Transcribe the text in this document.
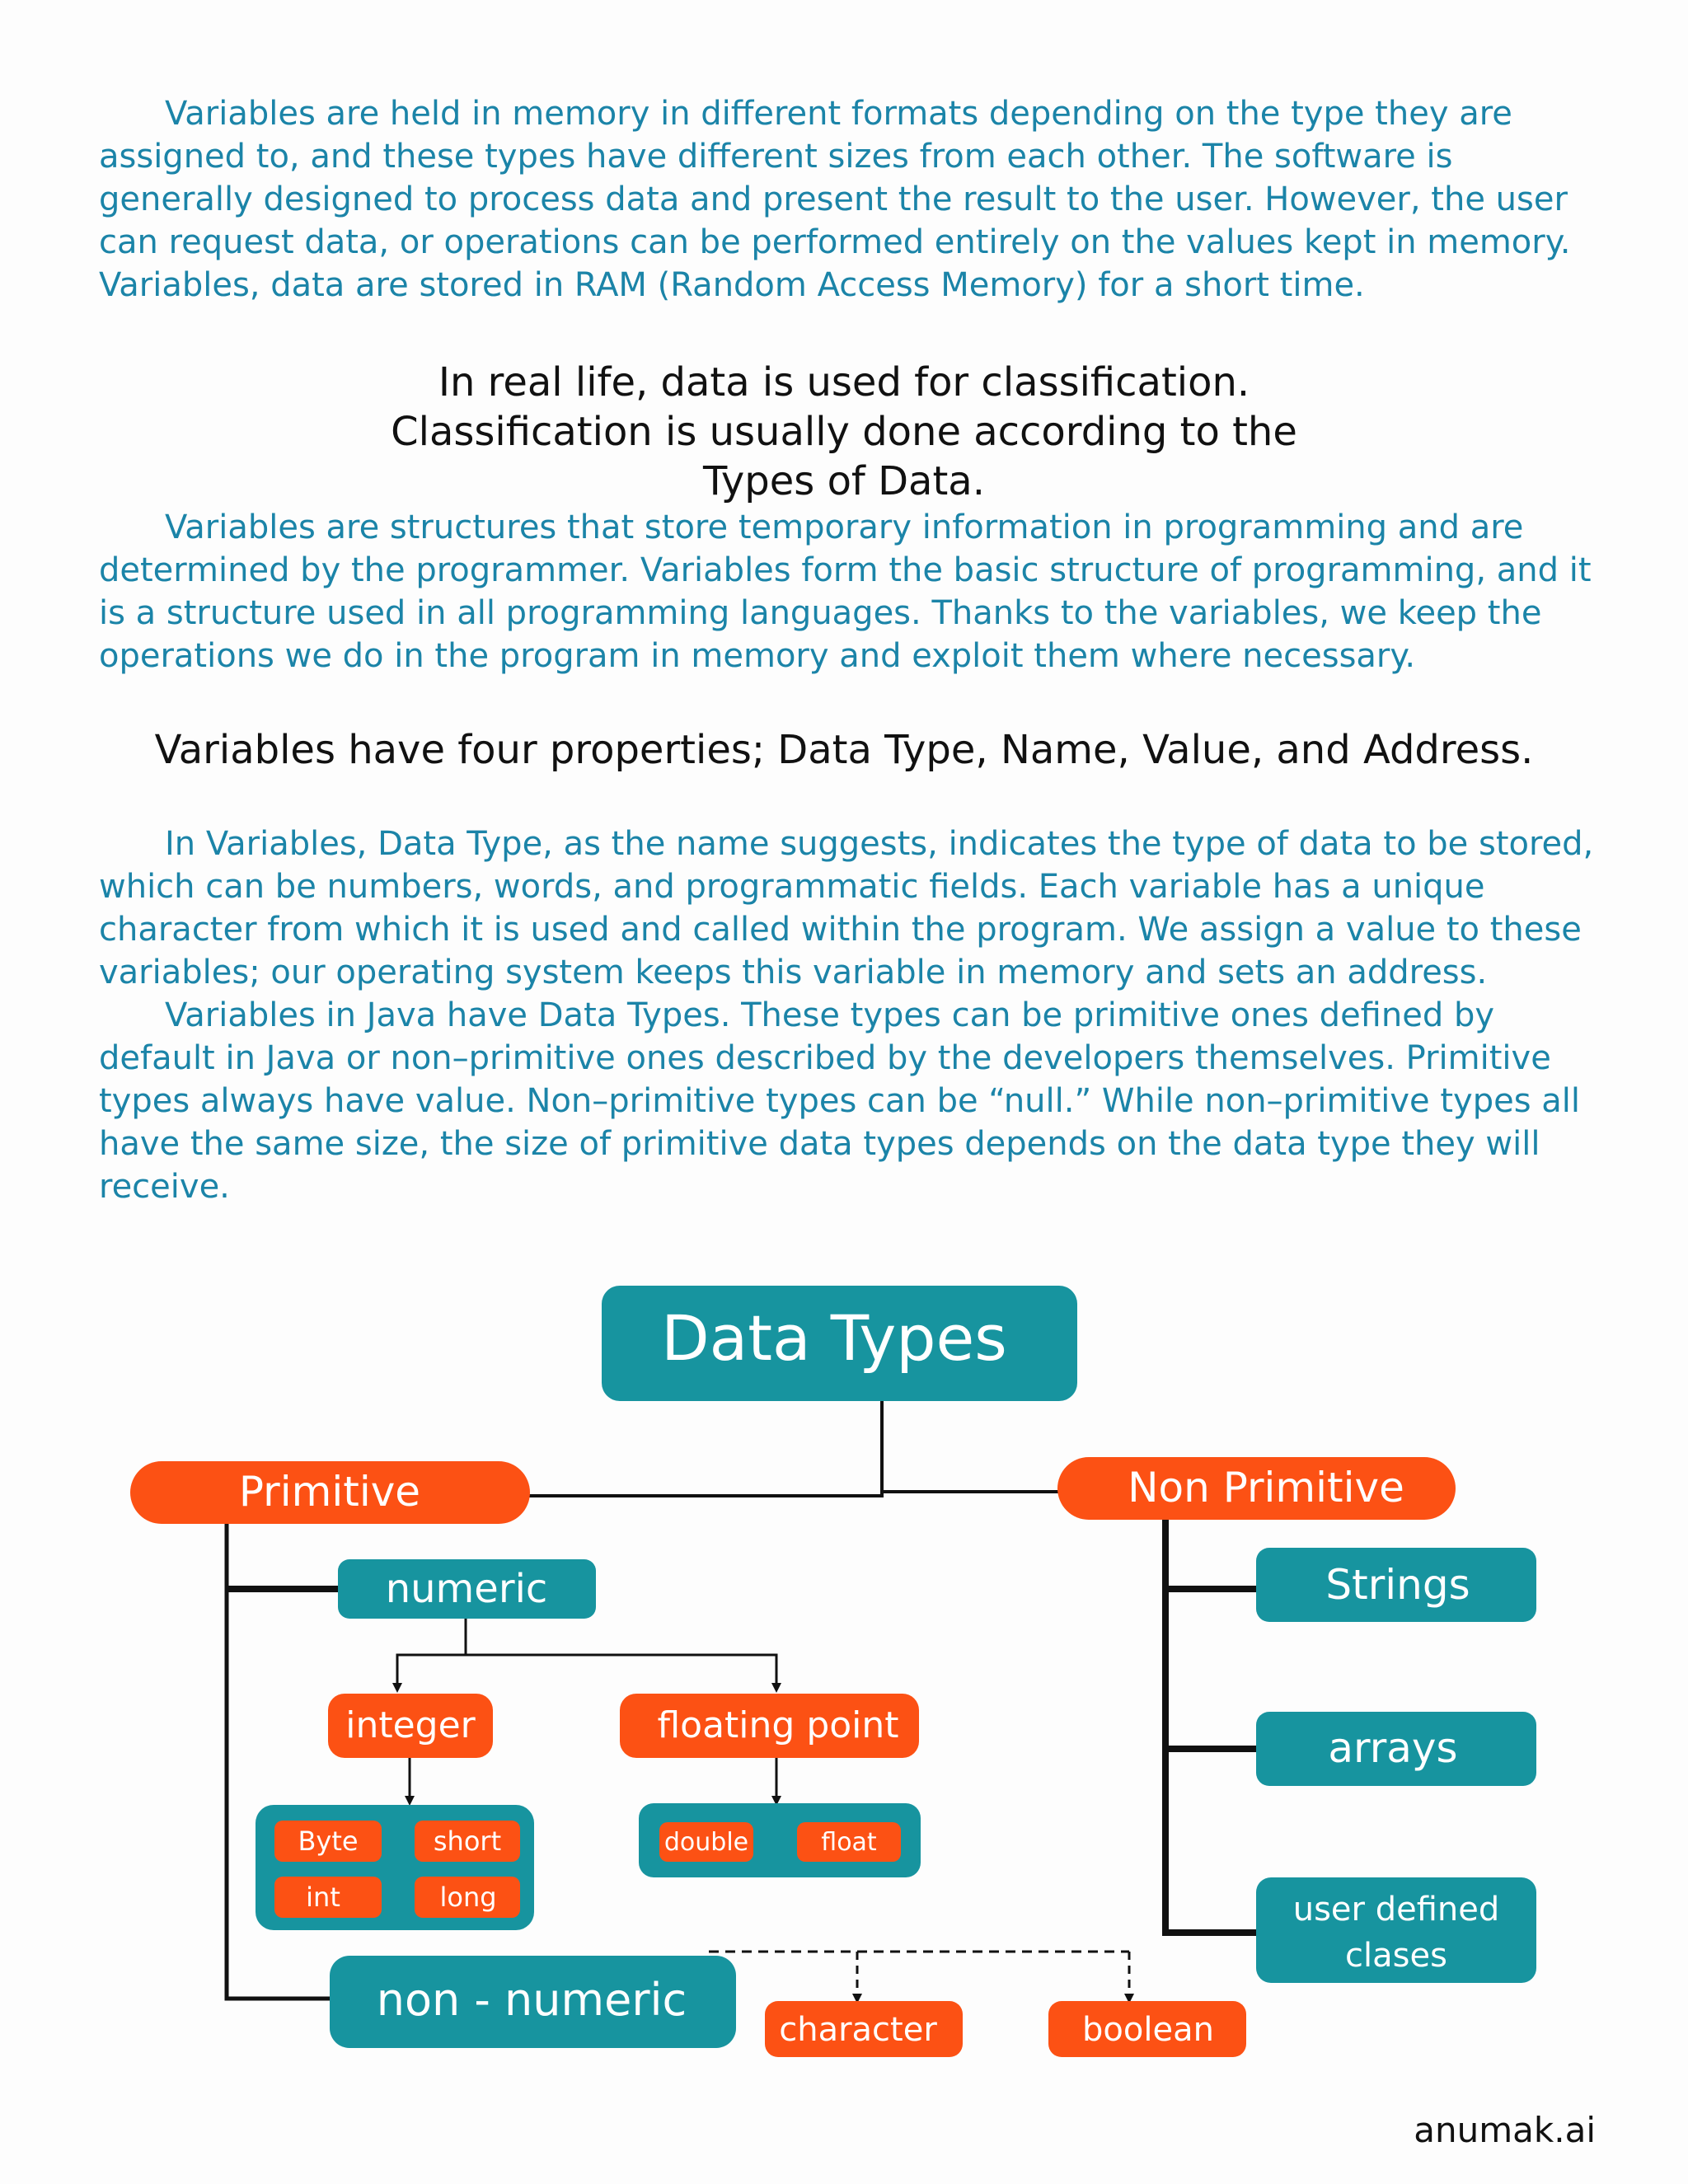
Variables are held in memory in different formats depending on the type they are assigned to, and these types have different sizes from each other. The software is generally designed to process data and present the result to the user. However, the user can request data, or operations can be performed entirely on the values kept in memory. Variables, data are stored in RAM (Random Access Memory) for a short time.

In real life, data is used for classification. Classification is usually done according to the Types of Data.

Variables are structures that store temporary information in programming and are determined by the programmer. Variables form the basic structure of programming, and it is a structure used in all programming languages. Thanks to the variables, we keep the operations we do in the program in memory and exploit them where necessary.

Variables have four properties; Data Type, Name, Value, and Address.

In Variables, Data Type, as the name suggests, indicates the type of data to be stored, which can be numbers, words, and programmatic fields. Each variable has a unique character from which it is used and called within the program. We assign a value to these variables; our operating system keeps this variable in memory and sets an address.

Variables in Java have Data Types. These types can be primitive ones defined by default in Java or non–primitive ones described by the developers themselves. Primitive types always have value. Non–primitive types can be “null.” While non–primitive types all have the same size, the size of primitive data types depends on the data type they will receive.

Data Types
Primitive	Non Primitive
numeric
integer	floating point
Byte	short
int	long
double	float
non - numeric
character	boolean
Strings
arrays
user defined
clases
anumak.ai
